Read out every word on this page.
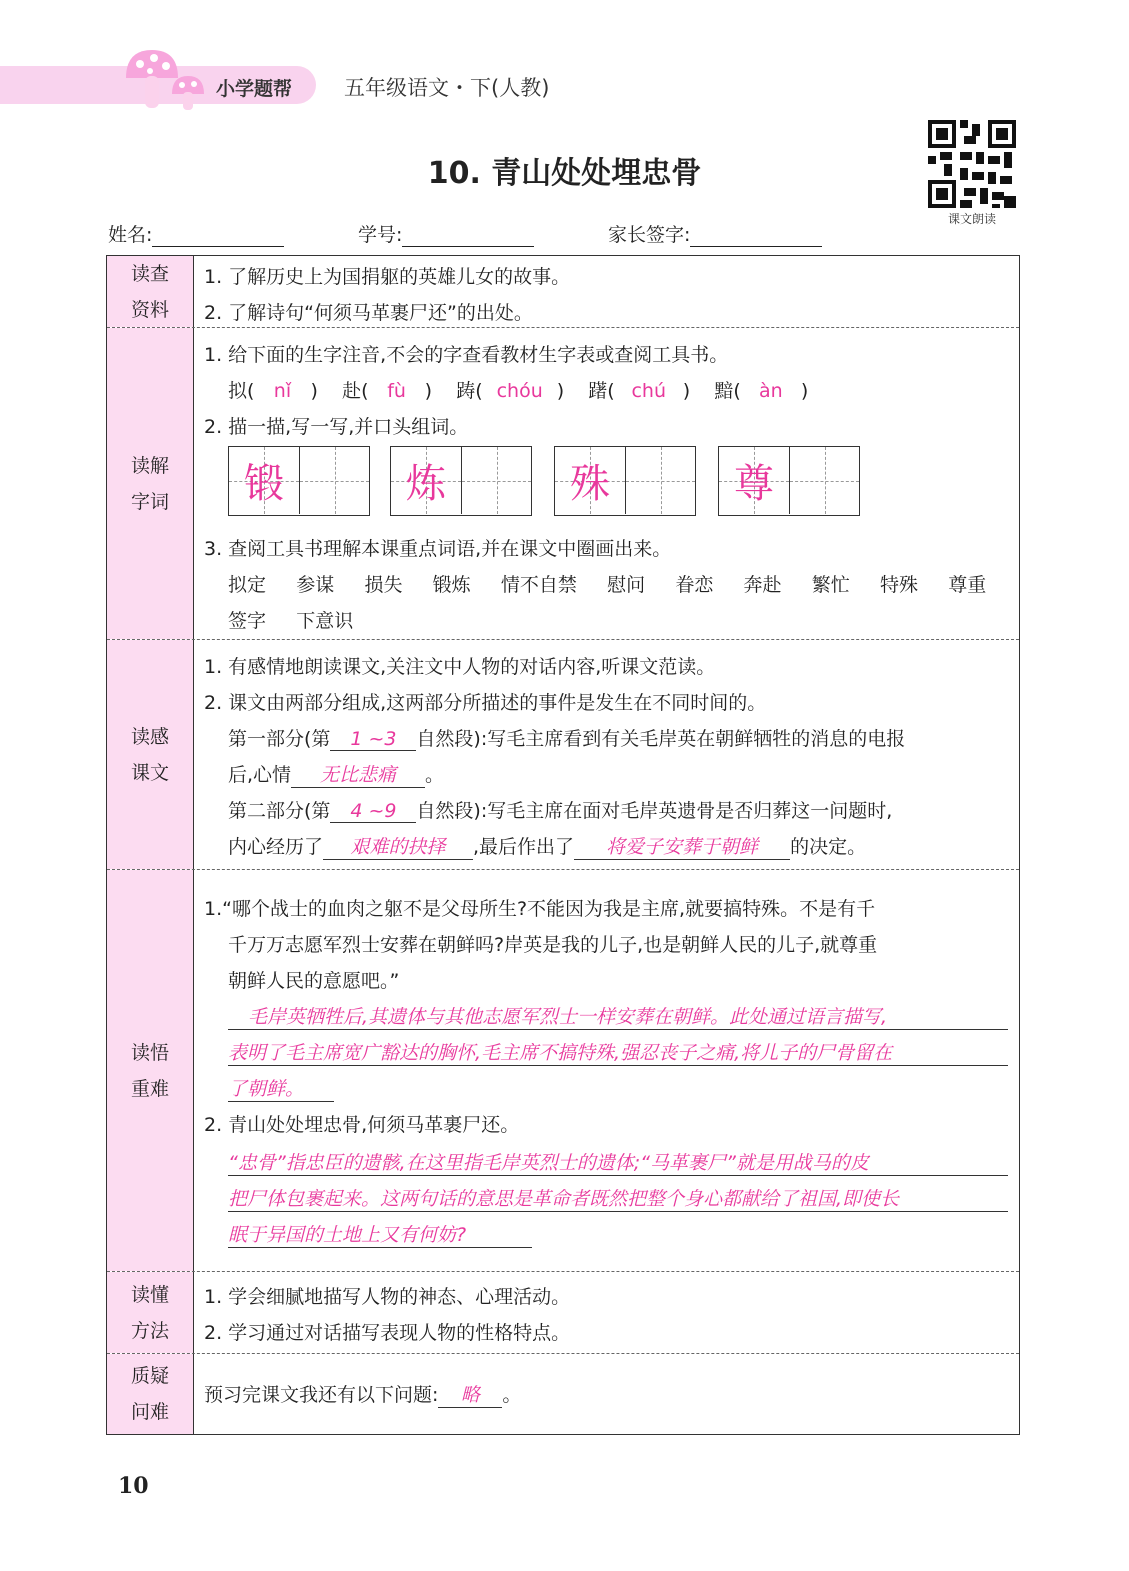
小学题帮 五年级语文・下(人教)
10. 青山处处埋忠骨
课文朗读
姓名:	学号:	家长签字:
读查资料
1. 了解历史上为国捐躯的英雄儿女的故事。
2. 了解诗句“何须马革裹尸还”的出处。
读解字词
1. 给下面的生字注音,不会的字查看教材生字表或查阅工具书。
拟( nǐ )    赴( fù )    踌( chóu )    躇( chú )    黯( àn )
2. 描一描,写一写,并口头组词。
锻	炼	殊	尊
3. 查阅工具书理解本课重点词语,并在课文中圈画出来。
拟定 参谋 损失 锻炼 情不自禁 慰问 眷恋 奔赴 繁忙 特殊 尊重
签字 下意识
读感课文
1. 有感情地朗读课文,关注文中人物的对话内容,听课文范读。
2. 课文由两部分组成,这两部分所描述的事件是发生在不同时间的。
第一部分(第 1 ~3 自然段):写毛主席看到有关毛岸英在朝鲜牺牲的消息的电报
后,心情 无比悲痛 。
第二部分(第 4 ~9 自然段):写毛主席在面对毛岸英遗骨是否归葬这一问题时,
内心经历了 艰难的抉择 ,最后作出了 将爱子安葬于朝鲜 的决定。
读悟重难
1.“哪个战士的血肉之躯不是父母所生?不能因为我是主席,就要搞特殊。不是有千
千万万志愿军烈士安葬在朝鲜吗?岸英是我的儿子,也是朝鲜人民的儿子,就尊重
朝鲜人民的意愿吧。”
毛岸英牺牲后,其遗体与其他志愿军烈士一样安葬在朝鲜。此处通过语言描写,
表明了毛主席宽广豁达的胸怀,毛主席不搞特殊,强忍丧子之痛,将儿子的尸骨留在
了朝鲜。
2. 青山处处埋忠骨,何须马革裹尸还。
“忠骨”指忠臣的遗骸,在这里指毛岸英烈士的遗体;“马革裹尸”就是用战马的皮
把尸体包裹起来。这两句话的意思是革命者既然把整个身心都献给了祖国,即使长
眠于异国的土地上又有何妨?
读懂方法
1. 学会细腻地描写人物的神态、心理活动。
2. 学习通过对话描写表现人物的性格特点。
质疑问难
预习完课文我还有以下问题: 略 。
10
